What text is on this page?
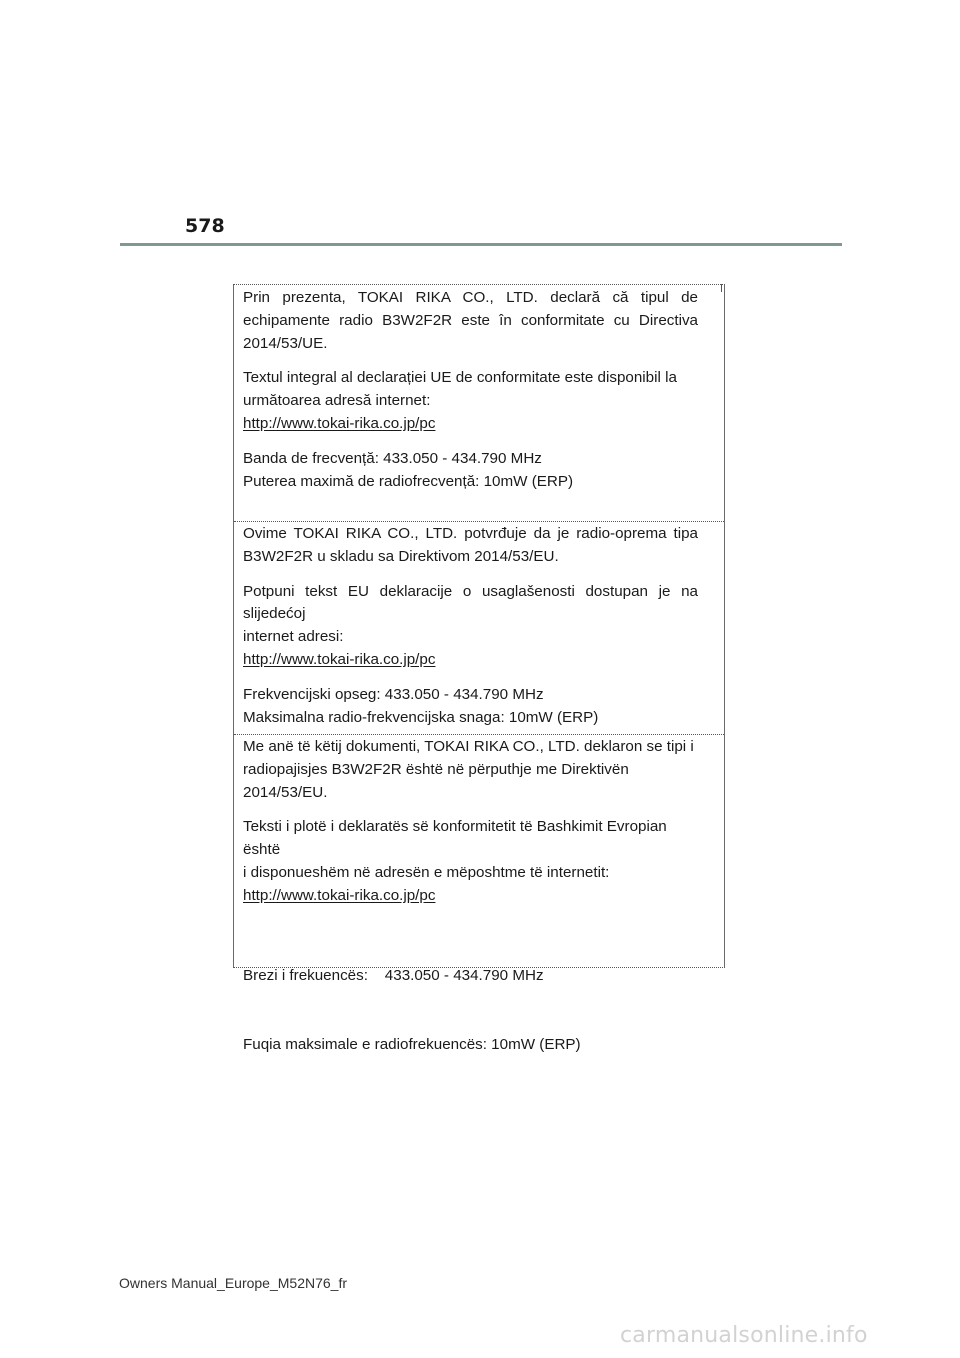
578

Prin prezenta, TOKAI RIKA CO., LTD. declară că tipul de echipamente radio B3W2F2R este în conformitate cu Directiva 2014/53/UE.

Textul integral al declarației UE de conformitate este disponibil la
următoarea adresă internet:

http://www.tokai-rika.co.jp/pc

Banda de frecvență: 433.050 - 434.790 MHz
Puterea maximă de radiofrecvență: 10mW (ERP)

Ovime TOKAI RIKA CO., LTD. potvrđuje da je radio-oprema tipa B3W2F2R u skladu sa Direktivom 2014/53/EU.

Potpuni tekst EU deklaracije o usaglašenosti dostupan je na slijedećoj
internet adresi:

http://www.tokai-rika.co.jp/pc

Frekvencijski opseg: 433.050 - 434.790 MHz
Maksimalna radio-frekvencijska snaga: 10mW (ERP)

Me anë të këtij dokumenti, TOKAI RIKA CO., LTD. deklaron se tipi i
radiopajisjes B3W2F2R është në përputhje me Direktivën
2014/53/EU.

Teksti i plotë i deklaratës së konformitetit të Bashkimit Evropian është
i disponueshëm në adresën e mëposhtme të internetit:

http://www.tokai-rika.co.jp/pc

Brezi i frekuencës:    433.050 - 434.790 MHz

Fuqia maksimale e radiofrekuencës: 10mW (ERP)

Owners Manual_Europe_M52N76_fr
carmanualsonline.info
